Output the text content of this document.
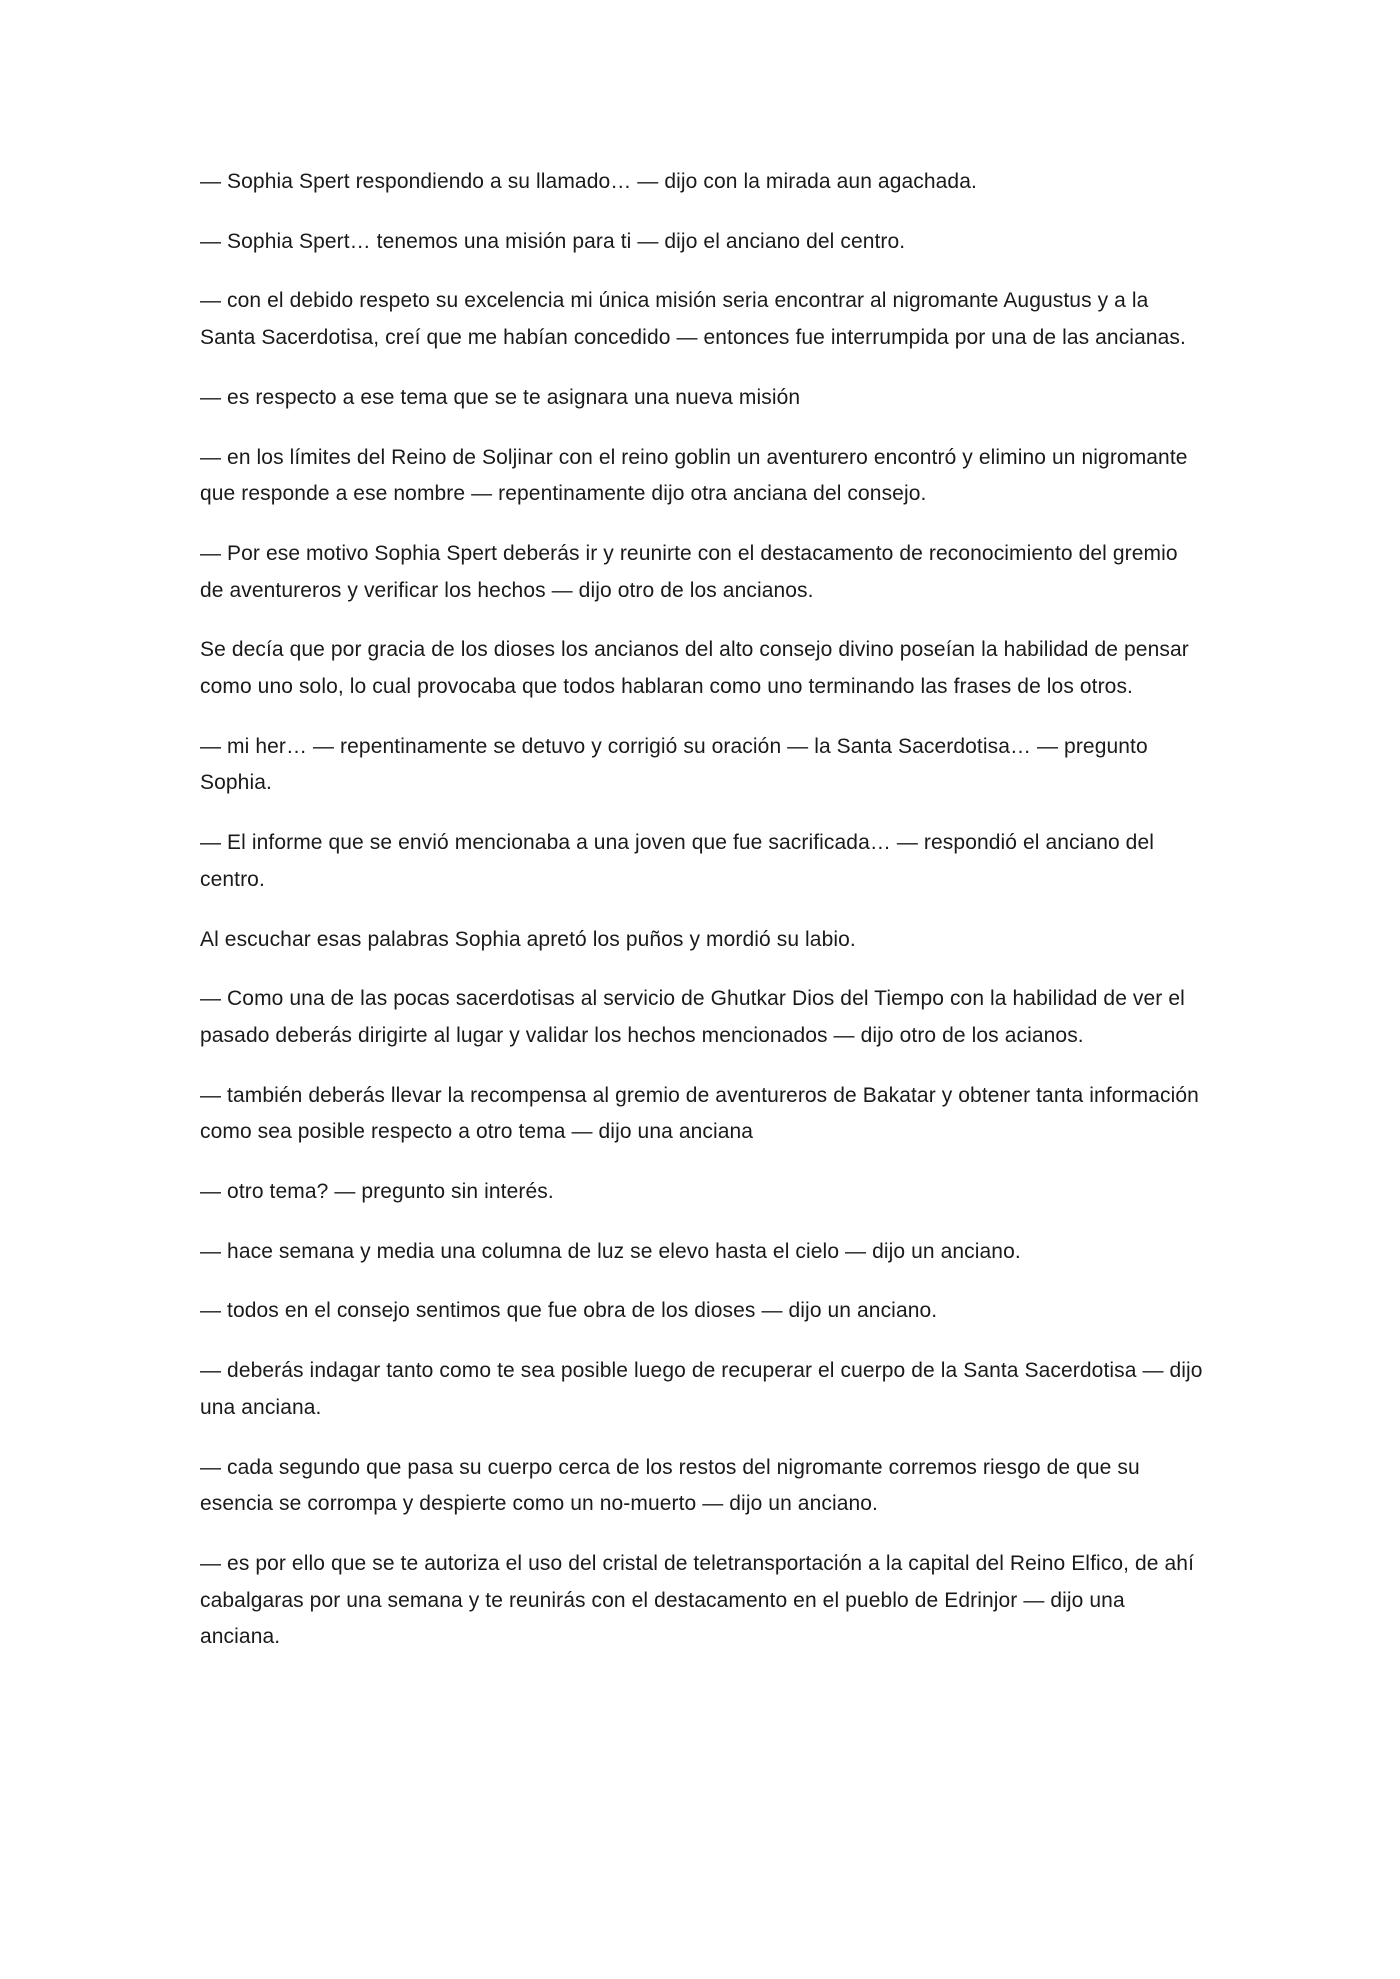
— Sophia Spert respondiendo a su llamado… — dijo con la mirada aun agachada.

— Sophia Spert… tenemos una misión para ti — dijo el anciano del centro.

— con el debido respeto su excelencia mi única misión seria encontrar al nigromante Augustus y a la Santa Sacerdotisa, creí que me habían concedido — entonces fue interrumpida por una de las ancianas.

— es respecto a ese tema que se te asignara una nueva misión

— en los límites del Reino de Soljinar con el reino goblin un aventurero encontró y elimino un nigromante que responde a ese nombre — repentinamente dijo otra anciana del consejo.

— Por ese motivo Sophia Spert deberás ir y reunirte con el destacamento de reconocimiento del gremio de aventureros y verificar los hechos — dijo otro de los ancianos.

Se decía que por gracia de los dioses los ancianos del alto consejo divino poseían la habilidad de pensar como uno solo, lo cual provocaba que todos hablaran como uno terminando las frases de los otros.

— mi her… — repentinamente se detuvo y corrigió su oración — la Santa Sacerdotisa… — pregunto Sophia.

— El informe que se envió mencionaba a una joven que fue sacrificada… — respondió el anciano del centro.

Al escuchar esas palabras Sophia apretó los puños y mordió su labio.

— Como una de las pocas sacerdotisas al servicio de Ghutkar Dios del Tiempo con la habilidad de ver el pasado deberás dirigirte al lugar y validar los hechos mencionados — dijo otro de los acianos.

— también deberás llevar la recompensa al gremio de aventureros de Bakatar y obtener tanta información como sea posible respecto a otro tema — dijo una anciana

— otro tema? — pregunto sin interés.

— hace semana y media una columna de luz se elevo hasta el cielo — dijo un anciano.

— todos en el consejo sentimos que fue obra de los dioses — dijo un anciano.

— deberás indagar tanto como te sea posible luego de recuperar el cuerpo de la Santa Sacerdotisa — dijo una anciana.

— cada segundo que pasa su cuerpo cerca de los restos del nigromante corremos riesgo de que su esencia se corrompa y despierte como un no-muerto — dijo un anciano.

— es por ello que se te autoriza el uso del cristal de teletransportación a la capital del Reino Elfico, de ahí cabalgaras por una semana y te reunirás con el destacamento en el pueblo de Edrinjor — dijo una anciana.
